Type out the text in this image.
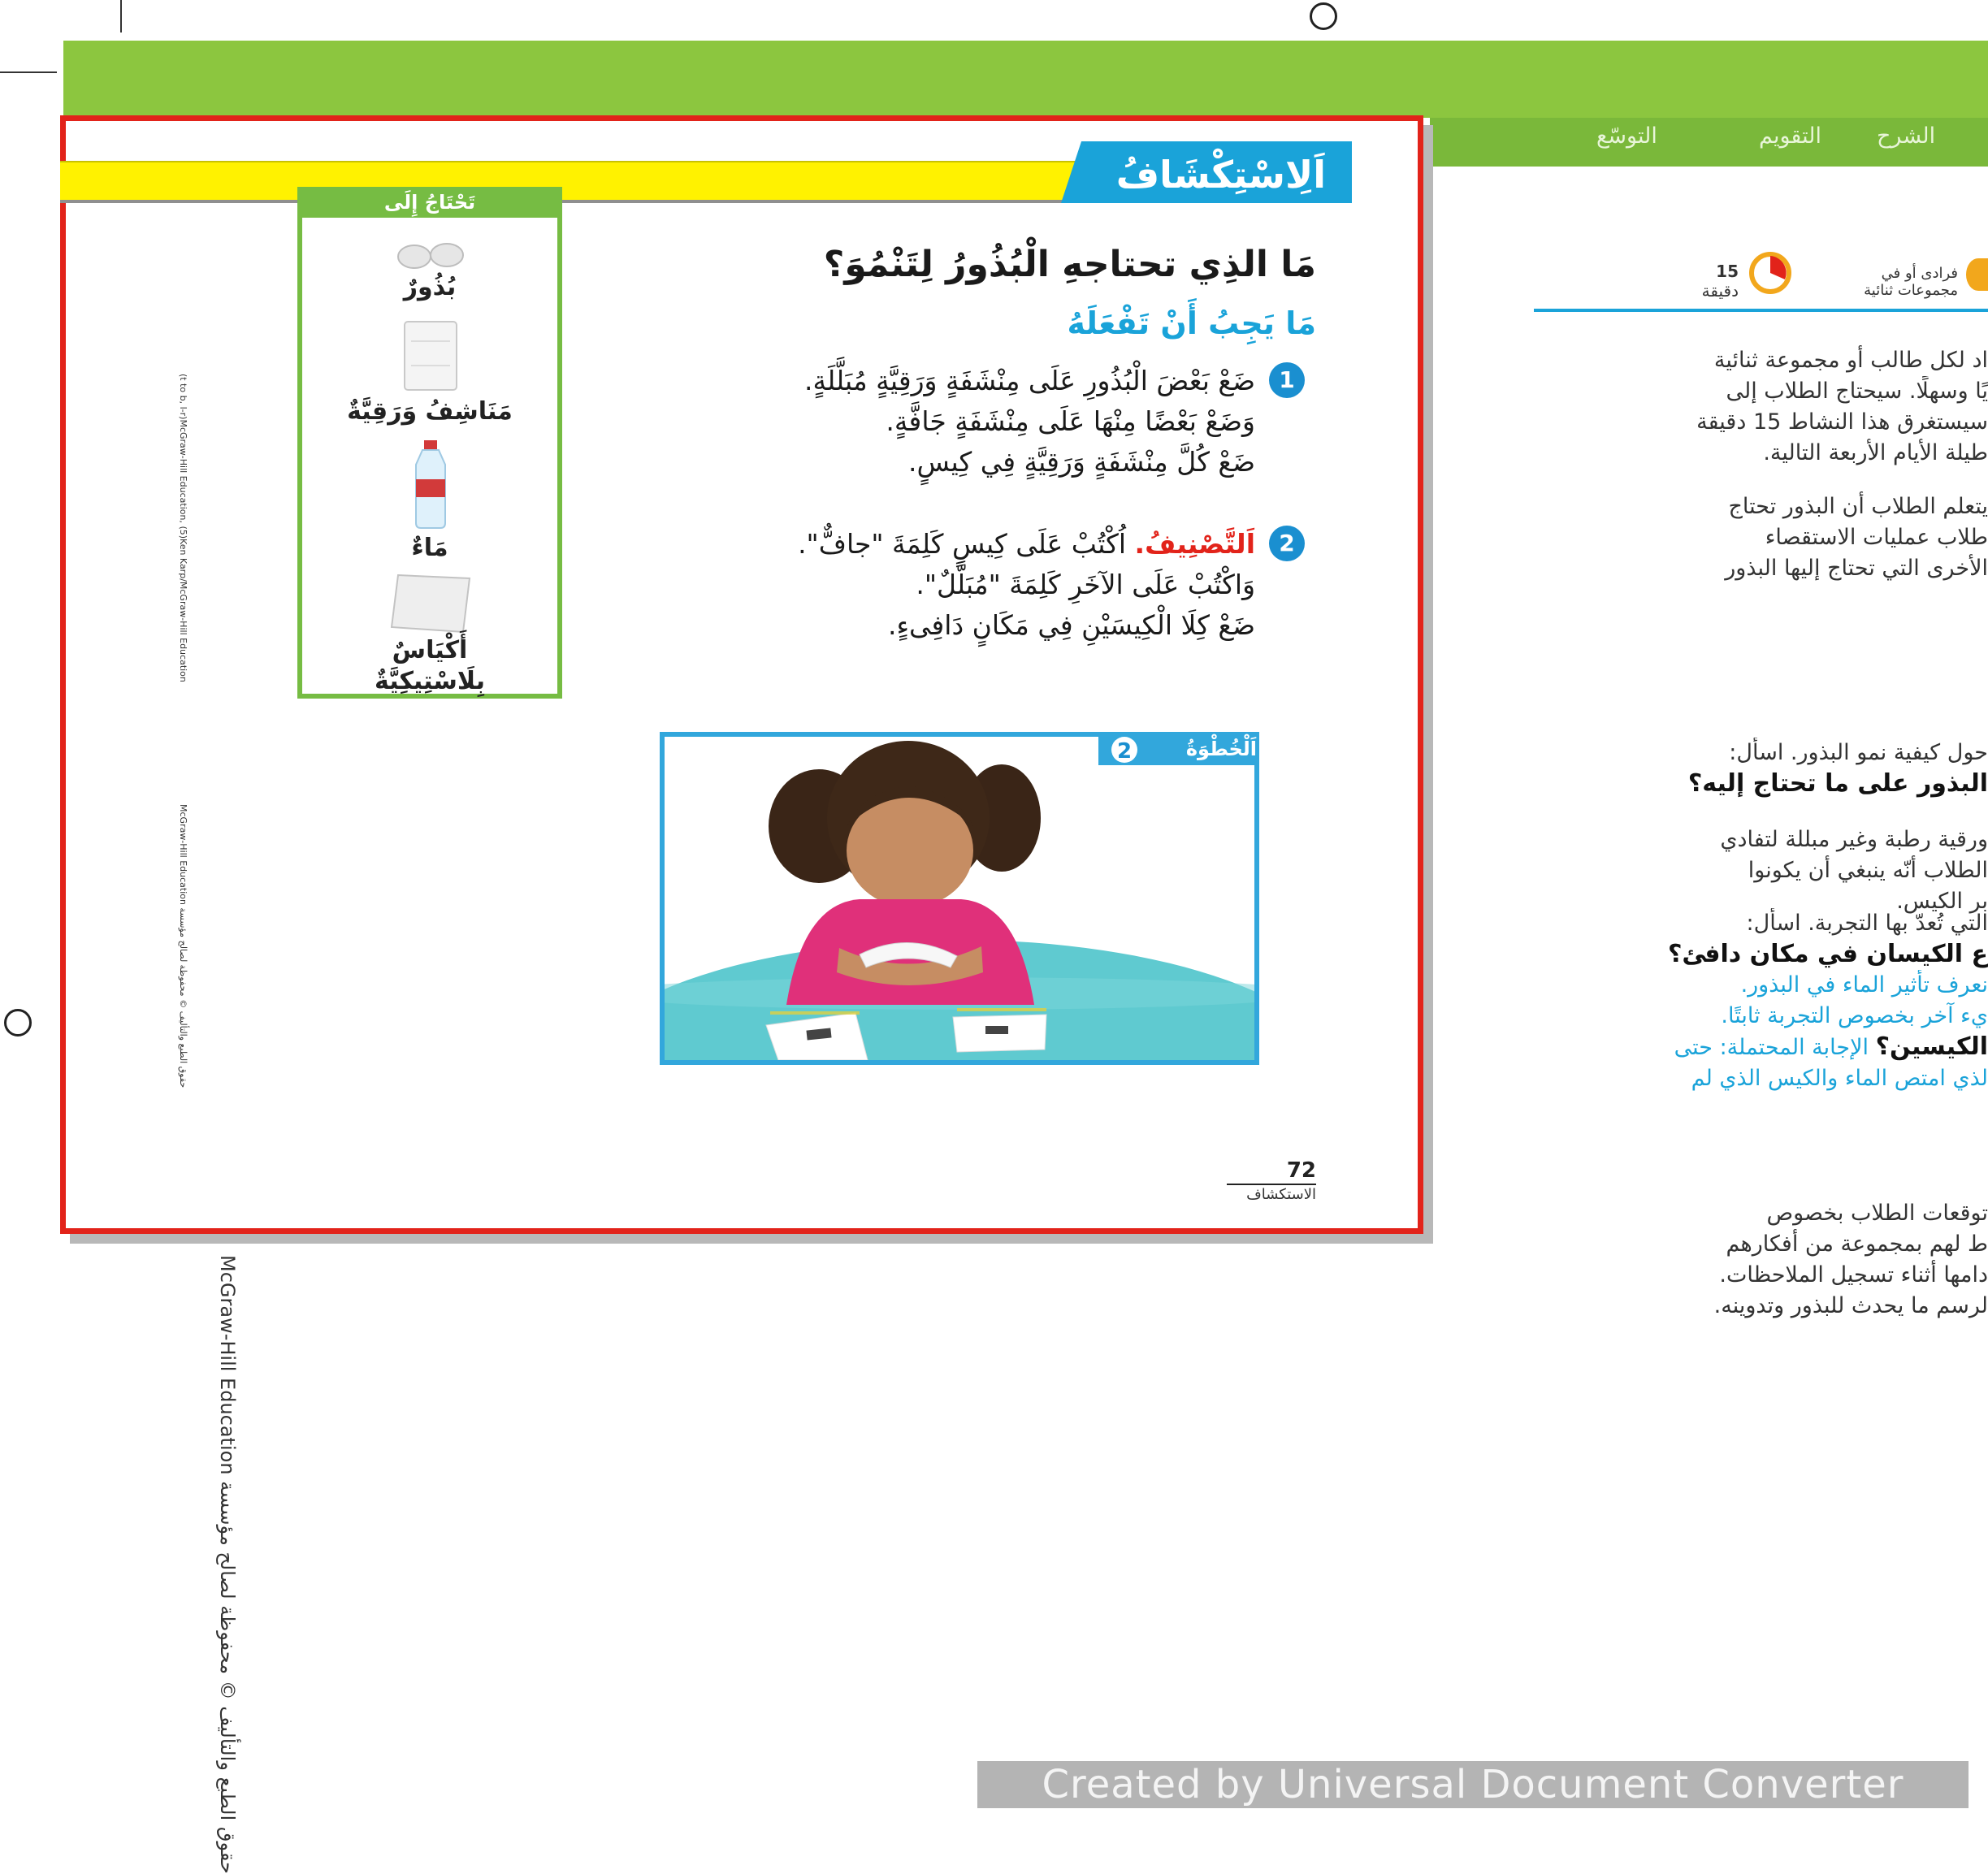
الشرح
التقويم
التوسّع
فرادى أو في
مجموعات ثنائية
15
دقيقة

اد لكل طالب أو مجموعة ثنائية

يًا وسهلًا. سيحتاج الطلاب إلى

سيستغرق هذا النشاط 15 دقيقة

طيلة الأيام الأربعة التالية.

يتعلم الطلاب أن البذور تحتاج

طلاب عمليات الاستقصاء

الأخرى التي تحتاج إليها البذور

حول كيفية نمو البذور. اسأل:

البذور على ما تحتاج إليه؟

ورقية رطبة وغير مبللة لتفادي

الطلاب أنّه ينبغي أن يكونوا

بر الكيس.

التي تُعدّ بها التجربة. اسأل:

ع الكيسان في مكان دافئ؟

نعرف تأثير الماء في البذور.

يء آخر بخصوص التجربة ثابتًا.

الكيسين؟ الإجابة المحتملة: حتى

لذي امتص الماء والكيس الذي لم

توقعات الطلاب بخصوص

ط لهم بمجموعة من أفكارهم

دامها أثناء تسجيل الملاحظات.

لرسم ما يحدث للبذور وتدوينه.

اَلِاسْتِكْشَافُ
تَحْتَاجُ إِلَى
بُذُورٌ
مَنَاشِفُ وَرَقِيَّةٌ
مَاءٌ
أَكْيَاسٌ
بِلَاسْتِيكِيَّةٌ
مَا الذِي تحتاجهِ الْبُذُورُ لِتَنْمُوَ؟
مَا يَجِبُ أَنْ تَفْعَلَهُ
1

ضَعْ بَعْضَ الْبُذُورِ عَلَى مِنْشَفَةٍ وَرَقِيَّةٍ مُبَلَّلَةٍ.

وَضَعْ بَعْضًا مِنْهَا عَلَى مِنْشَفَةٍ جَافَّةٍ.

ضَعْ كُلَّ مِنْشَفَةٍ وَرَقِيَّةٍ فِي كِيسٍ.

2

اَلتَّصْنِيفُ. اُكْتُبْ عَلَى كِيسٍ كَلِمَةَ "جافٌّ".

وَاكْتُبْ عَلَى الآخَرِ كَلِمَةَ "مُبَلَّلٌ".

ضَعْ كِلَا الْكِيسَيْنِ فِي مَكَانٍ دَافِىءٍ.

2	اَلْخُطْوَةُ
72
الاستكشاف
(t to b, l-r)McGraw-Hill Education, (5)Ken Karp/McGraw-Hill Education
حقوق الطبع والتأليف © محفوظة لصالح مؤسسة McGraw-Hill Education
حقوق الطبع والتأليف © محفوظة لصالح مؤسسة McGraw-Hill Education	Created by Universal Document Converter
